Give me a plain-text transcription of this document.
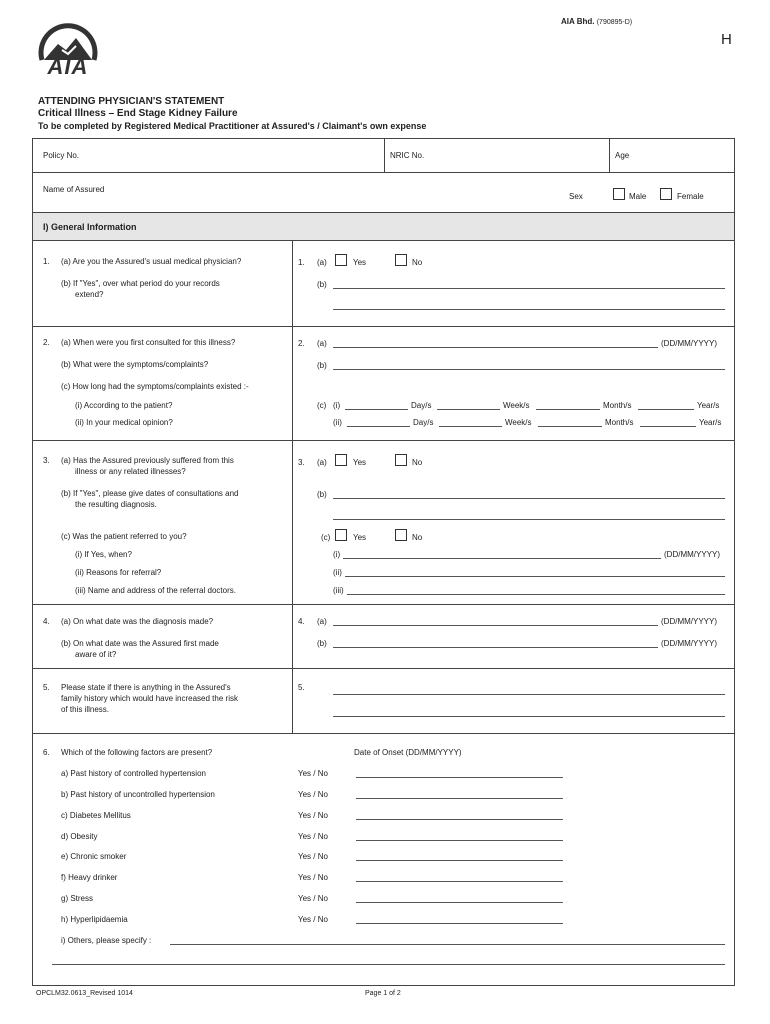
AIA
AIA Bhd. (790895-D)
H
ATTENDING PHYSICIAN'S STATEMENT
Critical Illness – End Stage Kidney Failure
To be completed by Registered Medical Practitioner at Assured's / Claimant's own expense
Policy No.	NRIC No.	Age
Name of Assured
Sex	Male	Female
I) General Information
1. (a) Are you the Assured's usual medical physician?
(b) If "Yes", over what period do your records
extend?
1. (a)	Yes	No
(b)
2. (a) When were you first consulted for this illness?
(b) What were the symptoms/complaints?
(c) How long had the symptoms/complaints existed :-
(i) According to the patient?
(ii) In your medical opinion?
2. (a)	(DD/MM/YYYY)
(b)
(c) (i)	Day/s	Week/s	Month/s	Year/s
(ii)	Day/s	Week/s	Month/s	Year/s
3. (a) Has the Assured previously suffered from this
illness or any related illnesses?
(b) If "Yes", please give dates of consultations and
the resulting diagnosis.
(c) Was the patient referred to you?
(i) If Yes, when?
(ii) Reasons for referral?
(iii) Name and address of the referral doctors.
3. (a)	Yes	No
(b)
(c)	Yes	No
(i)	(DD/MM/YYYY)
(ii)
(iii)
4. (a) On what date was the diagnosis made?
(b) On what date was the Assured first made
aware of it?
4. (a)	(DD/MM/YYYY)
(b)	(DD/MM/YYYY)
5. Please state if there is anything in the Assured's
family history which would have increased the risk
of this illness.
5.
6. Which of the following factors are present?	Date of Onset (DD/MM/YYYY)
a) Past history of controlled hypertension	Yes / No
b) Past history of uncontrolled hypertension	Yes / No
c) Diabetes Mellitus	Yes / No
d) Obesity	Yes / No
e) Chronic smoker	Yes / No
f) Heavy drinker	Yes / No
g) Stress	Yes / No
h) Hyperlipidaemia	Yes / No
i) Others, please specify :
OPCLM32.0613_Revised 1014	Page 1 of 2
